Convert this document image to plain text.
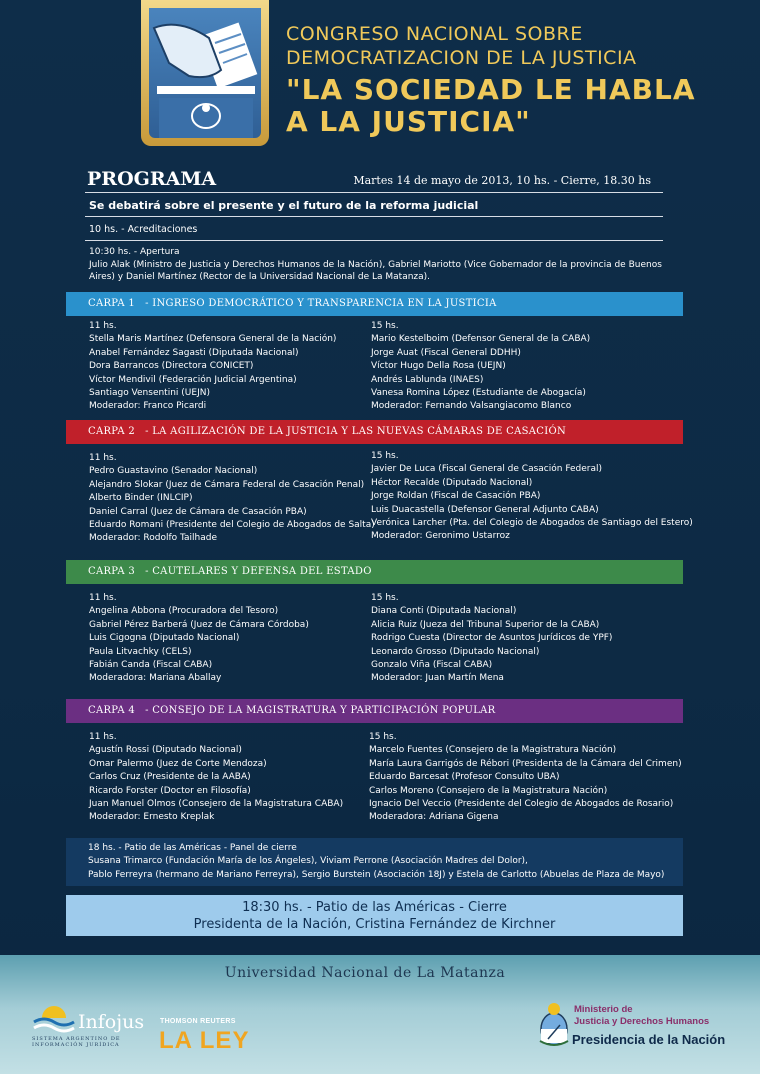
CONGRESO NACIONAL SOBRE
DEMOCRATIZACION DE LA JUSTICIA
"LA SOCIEDAD LE HABLA
A LA JUSTICIA"
PROGRAMA	Martes 14 de mayo de 2013, 10 hs. - Cierre, 18.30 hs
Se debatirá sobre el presente y el futuro de la reforma judicial
10 hs. - Acreditaciones
10:30 hs. - Apertura
Julio Alak (Ministro de Justicia y Derechos Humanos de la Nación), Gabriel Mariotto (Vice Gobernador de la provincia de Buenos Aires) y Daniel Martínez (Rector de la Universidad Nacional de La Matanza).
CARPA 1 - INGRESO DEMOCRÁTICO Y TRANSPARENCIA EN LA JUSTICIA
11 hs.
Stella Maris Martínez (Defensora General de la Nación)
Anabel Fernández Sagasti (Diputada Nacional)
Dora Barrancos (Directora CONICET)
Víctor Mendivil (Federación Judicial Argentina)
Santiago Vensentini (UEJN)
Moderador: Franco Picardi
15 hs.
Mario Kestelboim (Defensor General de la CABA)
Jorge Auat (Fiscal General DDHH)
Víctor Hugo Della Rosa (UEJN)
Andrés Lablunda (INAES)
Vanesa Romina López (Estudiante de Abogacía)
Moderador: Fernando Valsangiacomo Blanco
CARPA 2 - LA AGILIZACIÓN DE LA JUSTICIA Y LAS NUEVAS CÁMARAS DE CASACIÓN
11 hs.
Pedro Guastavino (Senador Nacional)
Alejandro Slokar (Juez de Cámara Federal de Casación Penal)
Alberto Binder (INLCIP)
Daniel Carral (Juez de Cámara de Casación PBA)
Eduardo Romani (Presidente del Colegio de Abogados de Salta)
Moderador: Rodolfo Tailhade
15 hs.
Javier De Luca (Fiscal General de Casación Federal)
Héctor Recalde (Diputado Nacional)
Jorge Roldan (Fiscal de Casación PBA)
Luis Duacastella (Defensor General Adjunto CABA)
Verónica Larcher (Pta. del Colegio de Abogados de Santiago del Estero)
Moderador: Geronimo Ustarroz
CARPA 3 - CAUTELARES Y DEFENSA DEL ESTADO
11 hs.
Angelina Abbona (Procuradora del Tesoro)
Gabriel Pérez Barberá (Juez de Cámara Córdoba)
Luis Cigogna (Diputado Nacional)
Paula Litvachky (CELS)
Fabián Canda (Fiscal CABA)
Moderadora: Mariana Aballay
15 hs.
Diana Conti (Diputada Nacional)
Alicia Ruiz (Jueza del Tribunal Superior de la CABA)
Rodrigo Cuesta (Director de Asuntos Jurídicos de YPF)
Leonardo Grosso (Diputado Nacional)
Gonzalo Viña (Fiscal CABA)
Moderador: Juan Martín Mena
CARPA 4 - CONSEJO DE LA MAGISTRATURA Y PARTICIPACIÓN POPULAR
11 hs.
Agustín Rossi (Diputado Nacional)
Omar Palermo (Juez de Corte Mendoza)
Carlos Cruz (Presidente de la AABA)
Ricardo Forster (Doctor en Filosofía)
Juan Manuel Olmos (Consejero de la Magistratura CABA)
Moderador: Ernesto Kreplak
15 hs.
Marcelo Fuentes (Consejero de la Magistratura Nación)
María Laura Garrigós de Rébori (Presidenta de la Cámara del Crimen)
Eduardo Barcesat (Profesor Consulto UBA)
Carlos Moreno (Consejero de la Magistratura Nación)
Ignacio Del Veccio (Presidente del Colegio de Abogados de Rosario)
Moderadora: Adriana Gigena
18 hs. - Patio de las Américas - Panel de cierre
Susana Trimarco (Fundación María de los Ángeles), Viviam Perrone (Asociación Madres del Dolor),
Pablo Ferreyra (hermano de Mariano Ferreyra), Sergio Burstein (Asociación 18J) y Estela de Carlotto (Abuelas de Plaza de Mayo)
18:30 hs. - Patio de las Américas - Cierre
Presidenta de la Nación, Cristina Fernández de Kirchner
Universidad Nacional de La Matanza
Infojus
SISTEMA ARGENTINO DE
INFORMACIÓN JURÍDICA
THOMSON REUTERS
LA LEY
Ministerio de
Justicia y Derechos Humanos
Presidencia de la Nación
